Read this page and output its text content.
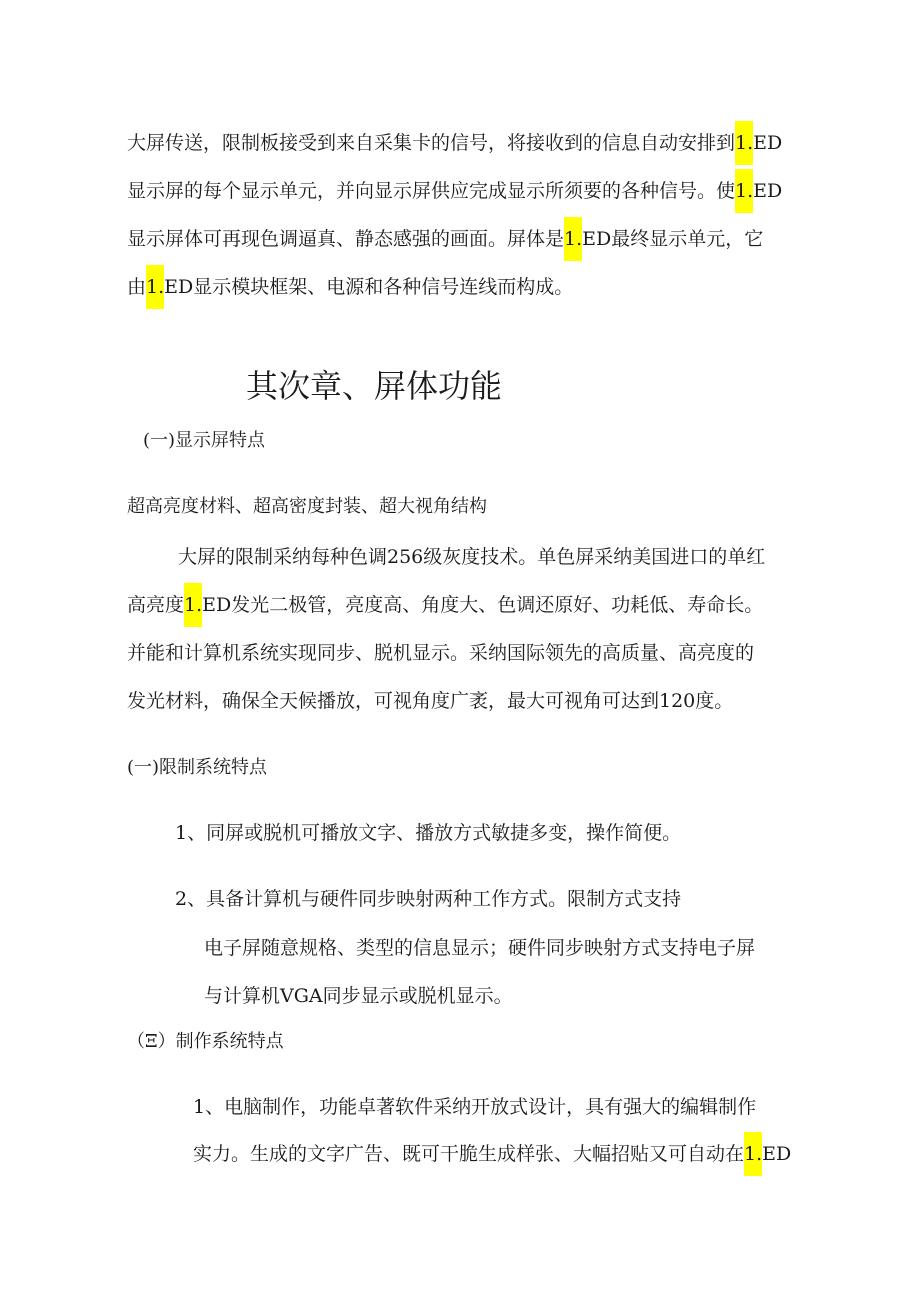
大屏传送，限制板接受到来自采集卡的信号，将接收到的信息自动安排到1.ED
显示屏的每个显示单元，并向显示屏供应完成显示所须要的各种信号。使1.ED
显示屏体可再现色调逼真、静态感强的画面。屏体是1.ED最终显示单元，它
由1.ED显示模块框架、电源和各种信号连线而构成。
其次章、屏体功能
(一)显示屏特点
超高亮度材料、超高密度封装、超大视角结构
大屏的限制采纳每种色调256级灰度技术。单色屏采纳美国进口的单红
高亮度1.ED发光二极管，亮度高、角度大、色调还原好、功耗低、寿命长。
并能和计算机系统实现同步、脱机显示。采纳国际领先的高质量、高亮度的
发光材料，确保全天候播放，可视角度广袤，最大可视角可达到120度。
(一)限制系统特点
1、同屏或脱机可播放文字、播放方式敏捷多变，操作简便。
2、具备计算机与硬件同步映射两种工作方式。限制方式支持
电子屏随意规格、类型的信息显示；硬件同步映射方式支持电子屏
与计算机VGA同步显示或脱机显示。
（Ξ）制作系统特点
1、电脑制作，功能卓著软件采纳开放式设计，具有强大的编辑制作
实力。生成的文字广告、既可干脆生成样张、大幅招贴又可自动在1.ED
